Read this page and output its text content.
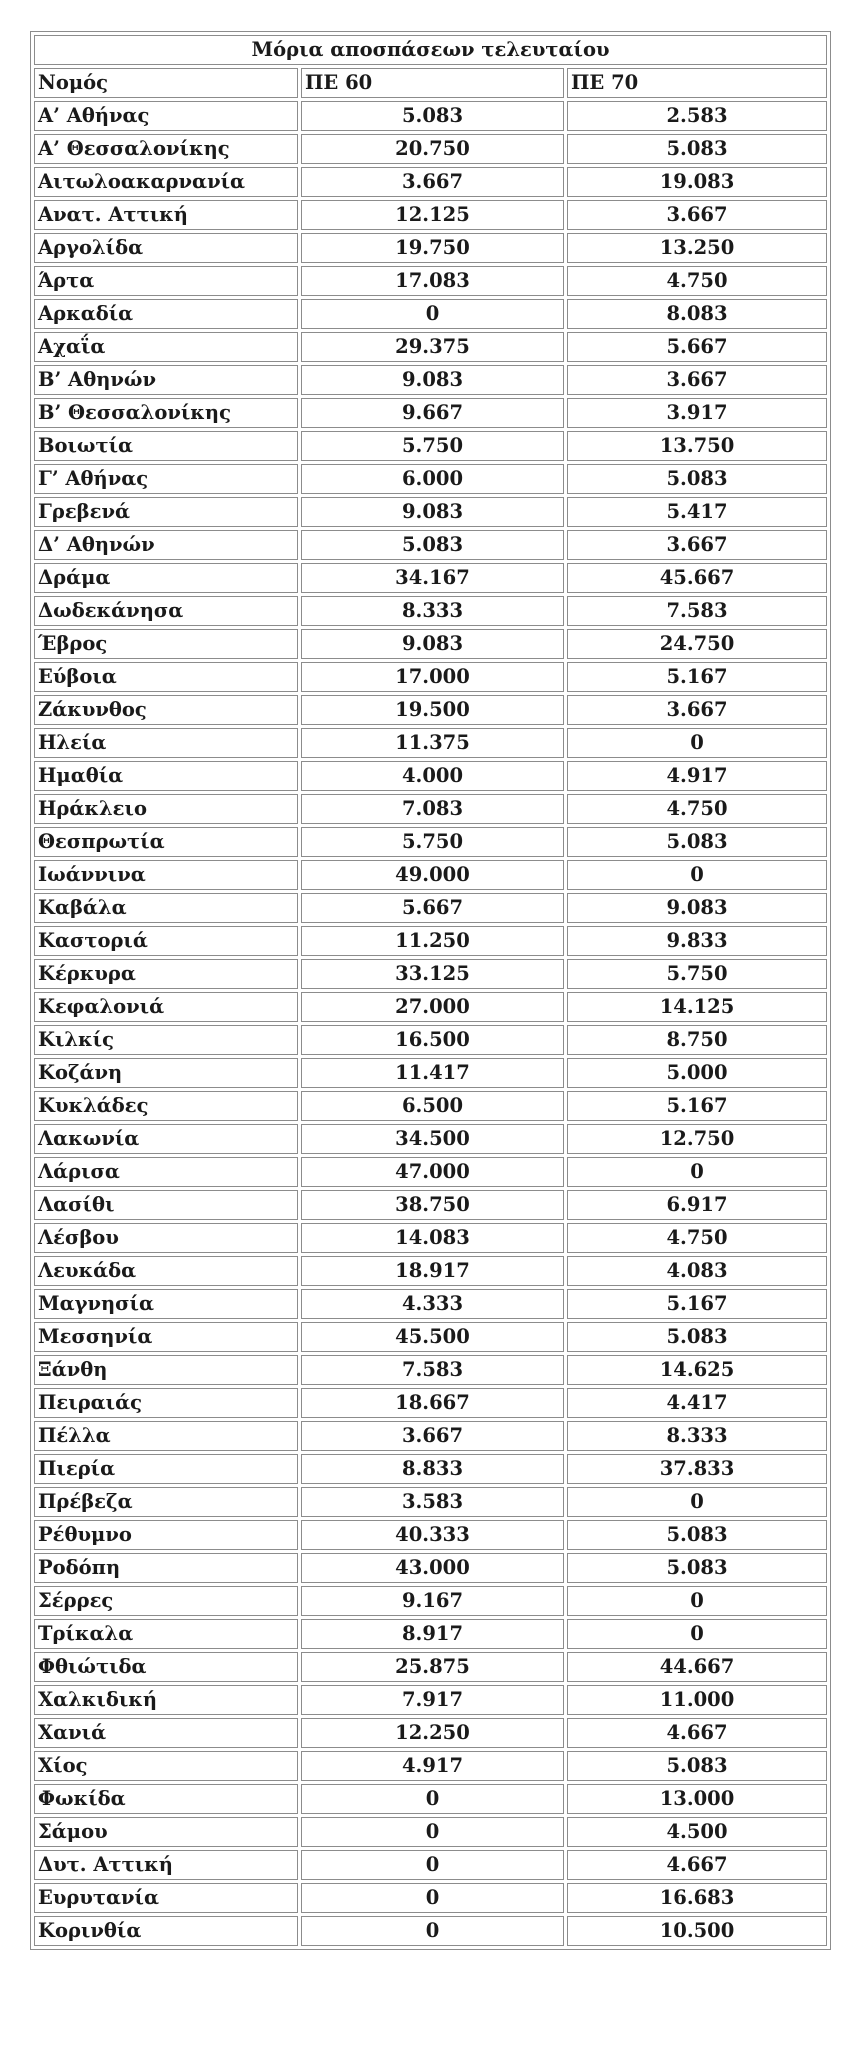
Μόρια αποσπάσεων τελευταίου		
Νομός	ΠΕ 60	ΠΕ 70
Α’ Αθήνας	5.083	2.583
Α’ Θεσσαλονίκης	20.750	5.083
Αιτωλοακαρνανία	3.667	19.083
Ανατ. Αττική	12.125	3.667
Αργολίδα	19.750	13.250
Άρτα	17.083	4.750
Αρκαδία	0	8.083
Αχαΐα	29.375	5.667
Β’ Αθηνών	9.083	3.667
Β’ Θεσσαλονίκης	9.667	3.917
Βοιωτία	5.750	13.750
Γ’ Αθήνας	6.000	5.083
Γρεβενά	9.083	5.417
Δ’ Αθηνών	5.083	3.667
Δράμα	34.167	45.667
Δωδεκάνησα	8.333	7.583
Έβρος	9.083	24.750
Εύβοια	17.000	5.167
Ζάκυνθος	19.500	3.667
Ηλεία	11.375	0
Ημαθία	4.000	4.917
Ηράκλειο	7.083	4.750
Θεσπρωτία	5.750	5.083
Ιωάννινα	49.000	0
Καβάλα	5.667	9.083
Καστοριά	11.250	9.833
Κέρκυρα	33.125	5.750
Κεφαλονιά	27.000	14.125
Κιλκίς	16.500	8.750
Κοζάνη	11.417	5.000
Κυκλάδες	6.500	5.167
Λακωνία	34.500	12.750
Λάρισα	47.000	0
Λασίθι	38.750	6.917
Λέσβου	14.083	4.750
Λευκάδα	18.917	4.083
Μαγνησία	4.333	5.167
Μεσσηνία	45.500	5.083
Ξάνθη	7.583	14.625
Πειραιάς	18.667	4.417
Πέλλα	3.667	8.333
Πιερία	8.833	37.833
Πρέβεζα	3.583	0
Ρέθυμνο	40.333	5.083
Ροδόπη	43.000	5.083
Σέρρες	9.167	0
Τρίκαλα	8.917	0
Φθιώτιδα	25.875	44.667
Χαλκιδική	7.917	11.000
Χανιά	12.250	4.667
Χίος	4.917	5.083
Φωκίδα	0	13.000
Σάμου	0	4.500
Δυτ. Αττική	0	4.667
Ευρυτανία	0	16.683
Κορινθία	0	10.500
